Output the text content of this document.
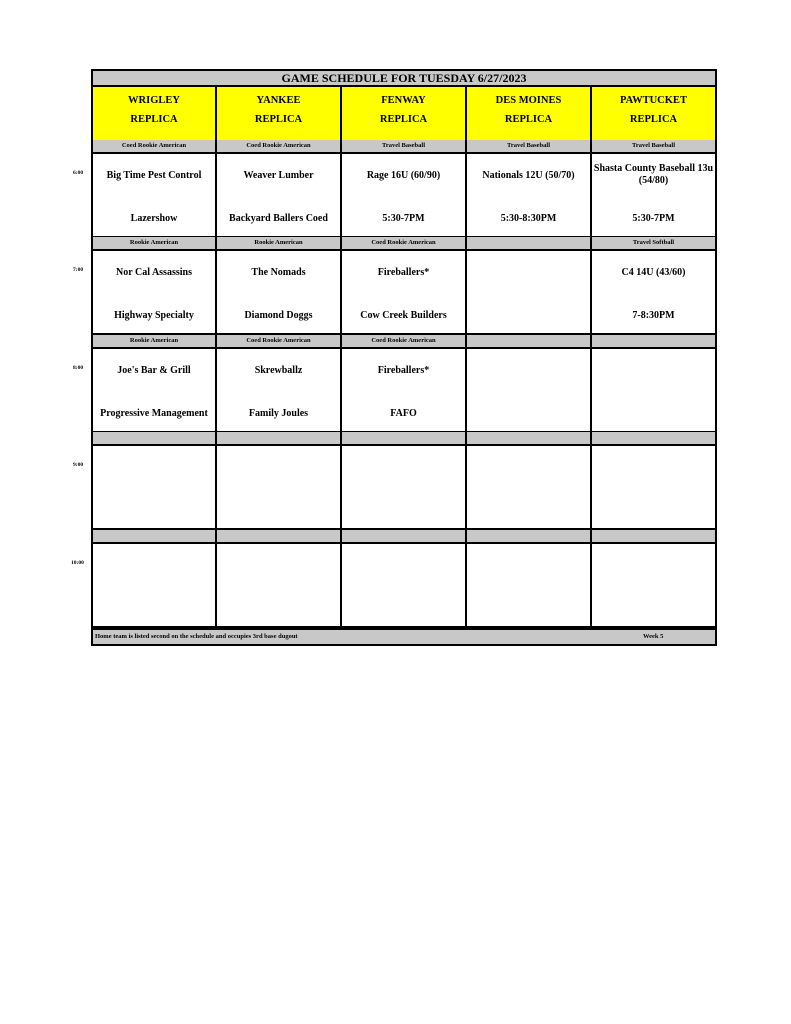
GAME SCHEDULE FOR TUESDAY 6/27/2023
WRIGLEY
REPLICA
YANKEE
REPLICA
FENWAY
REPLICA
DES MOINES
REPLICA
PAWTUCKET
REPLICA
Coed Rookie American
Big Time Pest Control
Lazershow
Coed Rookie American
Weaver Lumber
Backyard Ballers Coed
Travel Baseball
Rage 16U (60/90)
5:30-7PM
Travel Baseball
Nationals 12U (50/70)
5:30-8:30PM
Travel Baseball
Shasta County Baseball 13u (54/80)
5:30-7PM
Rookie American
Nor Cal Assassins
Highway Specialty
Rookie American
The Nomads
Diamond Doggs
Coed Rookie American
Fireballers*
Cow Creek Builders
Travel Softball
C4 14U (43/60)
7-8:30PM
Rookie American
Joe's Bar & Grill
Progressive Management
Coed Rookie American
Skrewballz
Family Joules
Coed Rookie American
Fireballers*
FAFO
Home team is listed second on the schedule and occupies 3rd base dugout	Week 5
6:00
7:00
8:00
9:00
10:00
